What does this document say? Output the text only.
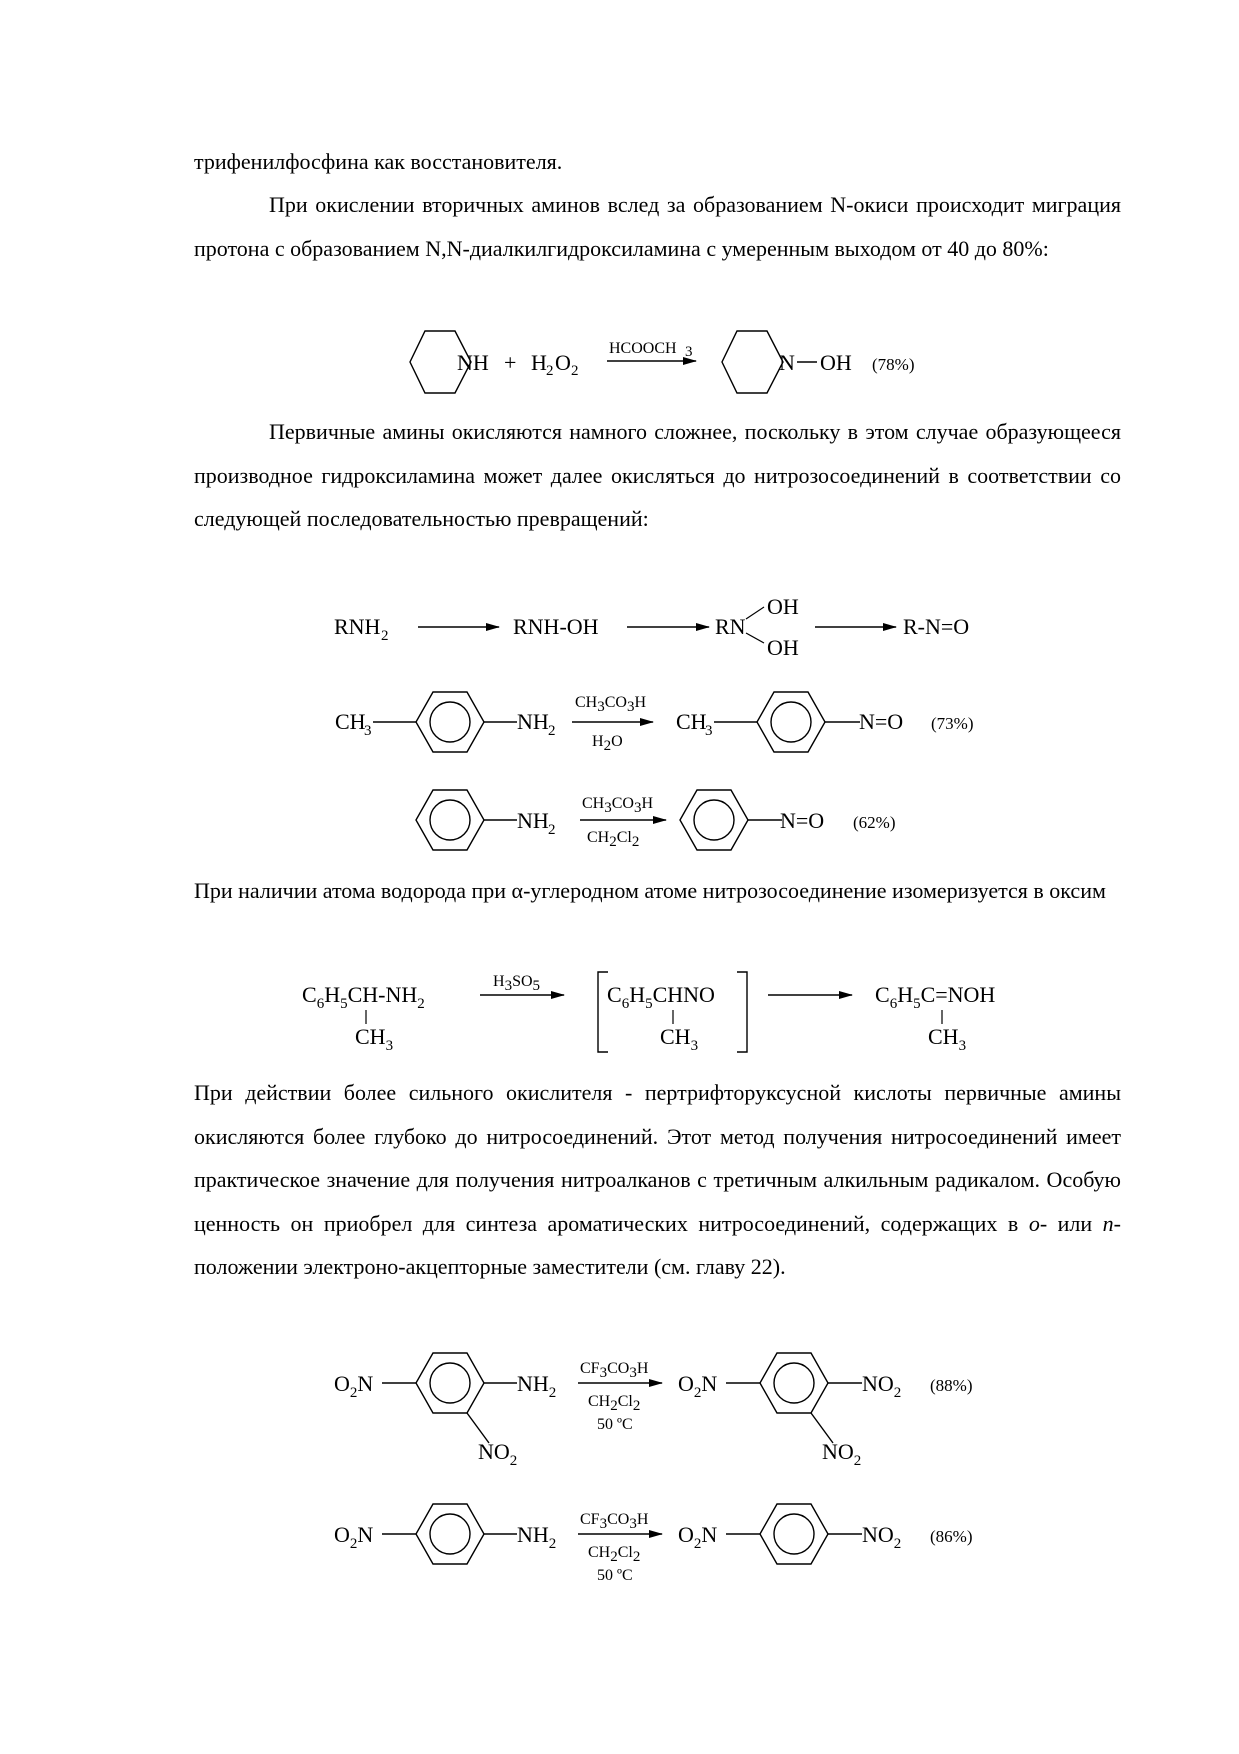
трифенилфосфина как восстановителя.

При окислении вторичных аминов вслед за образованием N-окиси происходит миграция протона с образованием N,N-диалкилгидроксиламина с умеренным выходом от 40 до 80%:

NH + H 2 O 2
HCOOCH 3	N OH (78%)

Первичные амины окисляются намного сложнее, поскольку в этом случае образующееся производное гидроксиламина может далее окисляться до нитрозосоединений в соответствии со следующей последовательностью превращений:

RNH 2	RNH-OH	RN
OH
OH
R-N=O
CH
3	NH 2
CH3CO3H
H2O
CH
3	N=O (73%)
NH 2
CH3CO3H
CH2Cl2
N=O (62%)

При наличии атома водорода при α-углеродном атоме нитрозосоединение изомеризуется в оксим

$C_6H_5CH-NH_2$
$CH_3$
H3SO5	$C_6H_5CHNO$
$CH_3$
$C_6H_5C=NOH$
$CH_3$

При действии более сильного окислителя - пертрифторуксусной кислоты первичные амины окисляются более глубоко до нитросоединений. Этот метод получения нитросоединений имеет практическое значение для получения нитроалканов с третичным алкильным радикалом. Особую ценность он приобрел для синтеза ароматических нитросоединений, содержащих в о- или n-положении электроно-акцепторные заместители (см. главу 22).

$O_2N$	$NH_2$
$NO_2$
CF3CO3H
CH2Cl2
50 ºC
$O_2N$	$NO_2$
$NO_2$
(88%)
$O_2N$	$NH_2$
CF3CO3H
CH2Cl2
50 ºC
$O_2N$	$NO_2$ (86%)
